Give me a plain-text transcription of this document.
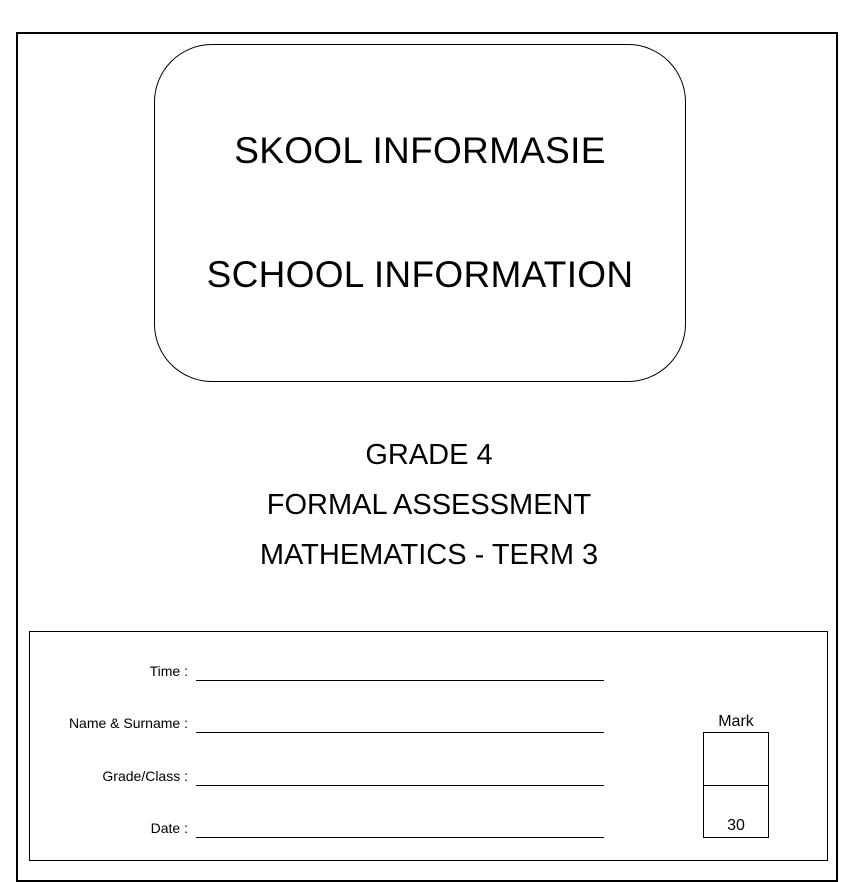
SKOOL INFORMASIE
SCHOOL INFORMATION
GRADE 4
FORMAL ASSESSMENT
MATHEMATICS - TERM 3
Time :
Name & Surname :
Grade/Class :
Date :
Mark
30
